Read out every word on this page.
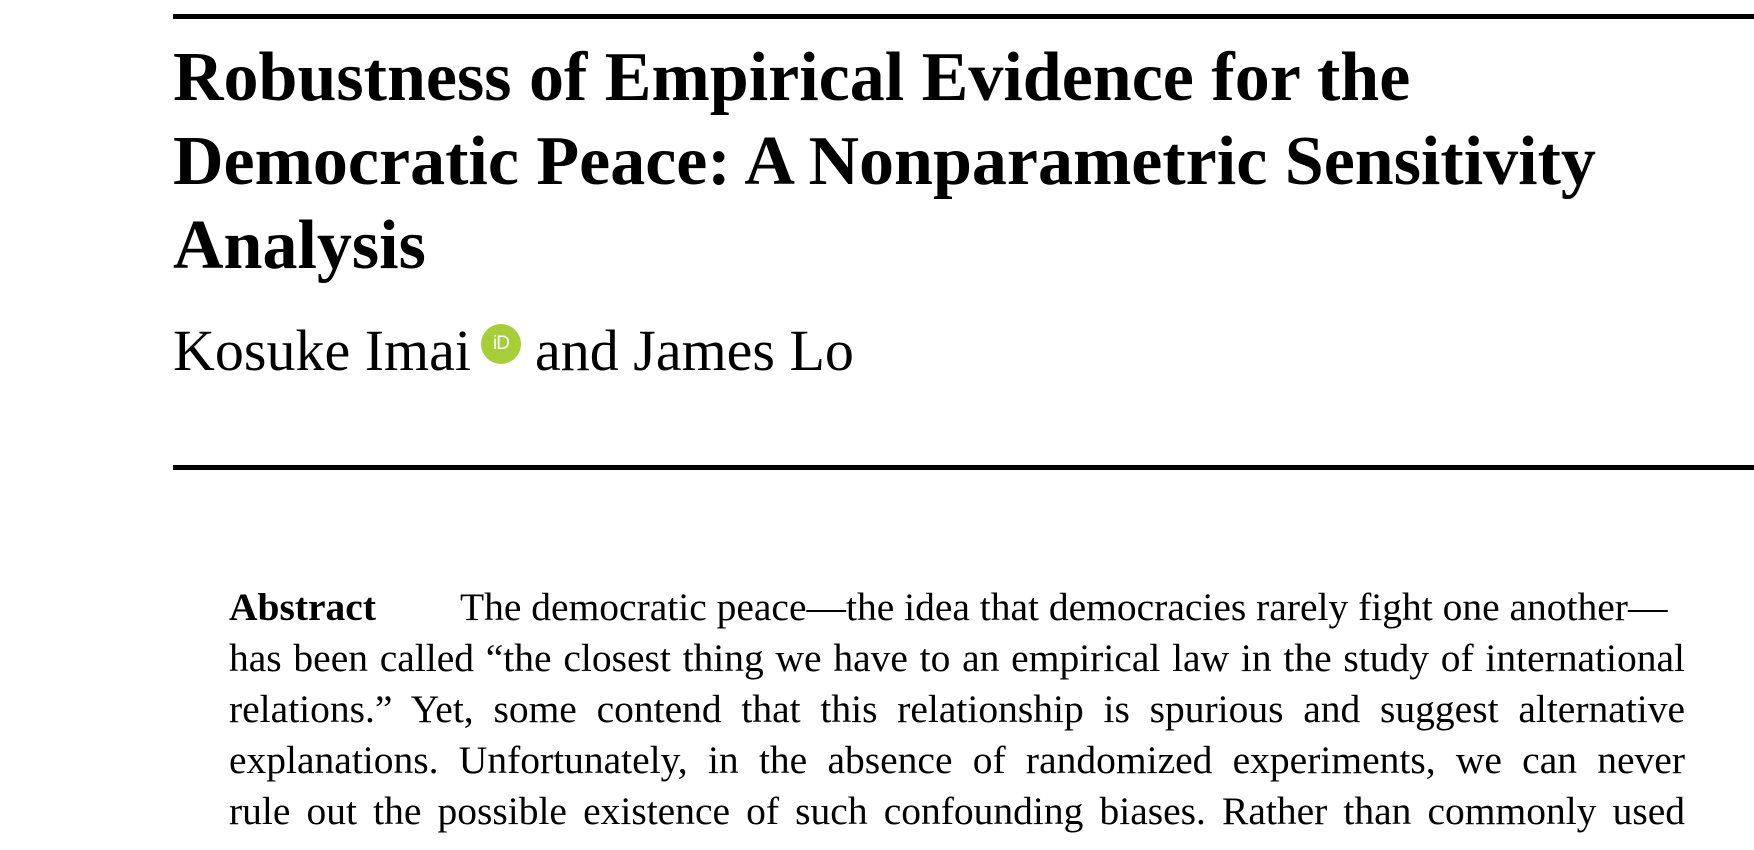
Robustness of Empirical Evidence for the Democratic Peace: A Nonparametric Sensitivity Analysis
Kosuke Imai	iD and James Lo
Abstract The democratic peace—the idea that democracies rarely fight one another—
has been called “the closest thing we have to an empirical law in the study of international
relations.” Yet, some contend that this relationship is spurious and suggest alternative
explanations. Unfortunately, in the absence of randomized experiments, we can never
rule out the possible existence of such confounding biases. Rather than commonly used
